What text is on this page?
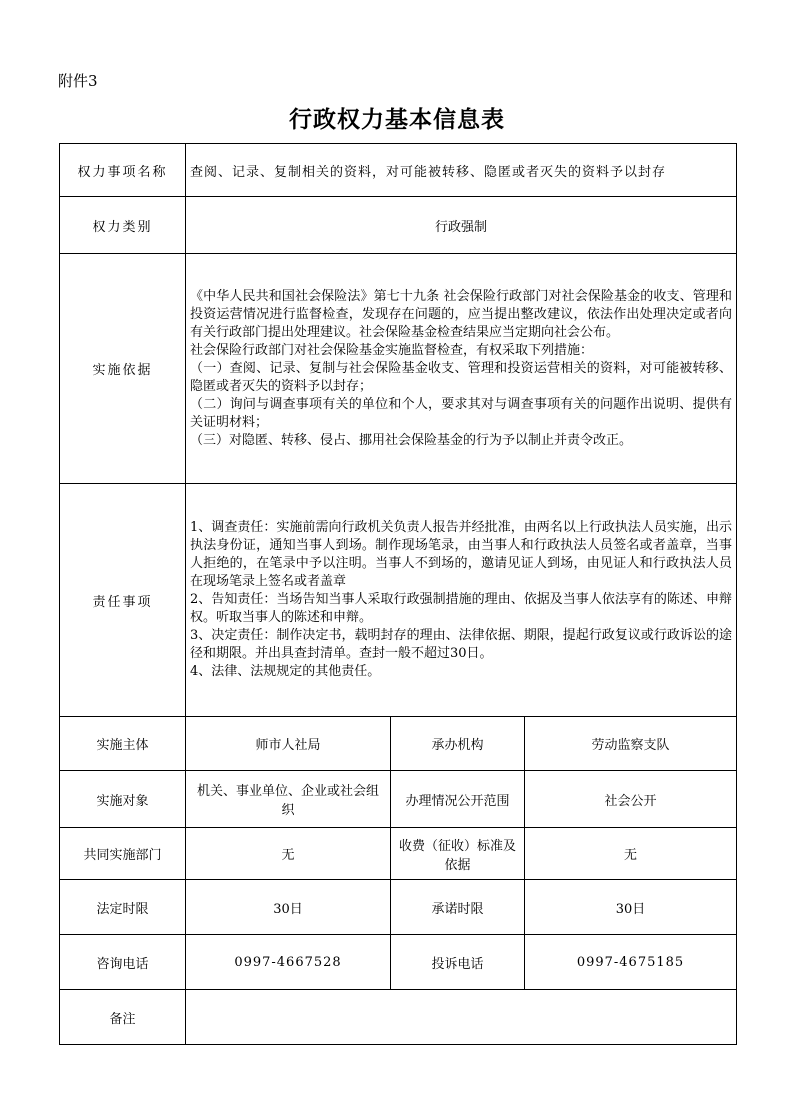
附件3
行政权力基本信息表
权力事项名称	查阅、记录、复制相关的资料，对可能被转移、隐匿或者灭失的资料予以封存		
权力类别	行政强制		
实施依据	《中华人民共和国社会保险法》第七十九条 社会保险行政部门对社会保险基金的收支、管理和投资运营情况进行监督检查，发现存在问题的，应当提出整改建议，依法作出处理决定或者向有关行政部门提出处理建议。社会保险基金检查结果应当定期向社会公布。
社会保险行政部门对社会保险基金实施监督检查，有权采取下列措施：
（一）查阅、记录、复制与社会保险基金收支、管理和投资运营相关的资料，对可能被转移、隐匿或者灭失的资料予以封存；
（二）询问与调查事项有关的单位和个人，要求其对与调查事项有关的问题作出说明、提供有关证明材料；
（三）对隐匿、转移、侵占、挪用社会保险基金的行为予以制止并责令改正。		

责任事项	1、调查责任：实施前需向行政机关负责人报告并经批准，由两名以上行政执法人员实施，出示执法身份证，通知当事人到场。制作现场笔录，由当事人和行政执法人员签名或者盖章，当事人拒绝的，在笔录中予以注明。当事人不到场的，邀请见证人到场，由见证人和行政执法人员在现场笔录上签名或者盖章
2、告知责任：当场告知当事人采取行政强制措施的理由、依据及当事人依法享有的陈述、申辩权。听取当事人的陈述和申辩。
3、决定责任：制作决定书，载明封存的理由、法律依据、期限，提起行政复议或行政诉讼的途径和期限。并出具查封清单。查封一般不超过30日。
4、法律、法规规定的其他责任。		

实施主体	师市人社局	承办机构	劳动监察支队
实施对象	机关、事业单位、企业或社会组织	办理情况公开范围	社会公开
共同实施部门	无	收费（征收）标准及依据	无
法定时限	30日	承诺时限	30日
咨询电话	0997-4667528	投诉电话	0997-4675185
备注			
